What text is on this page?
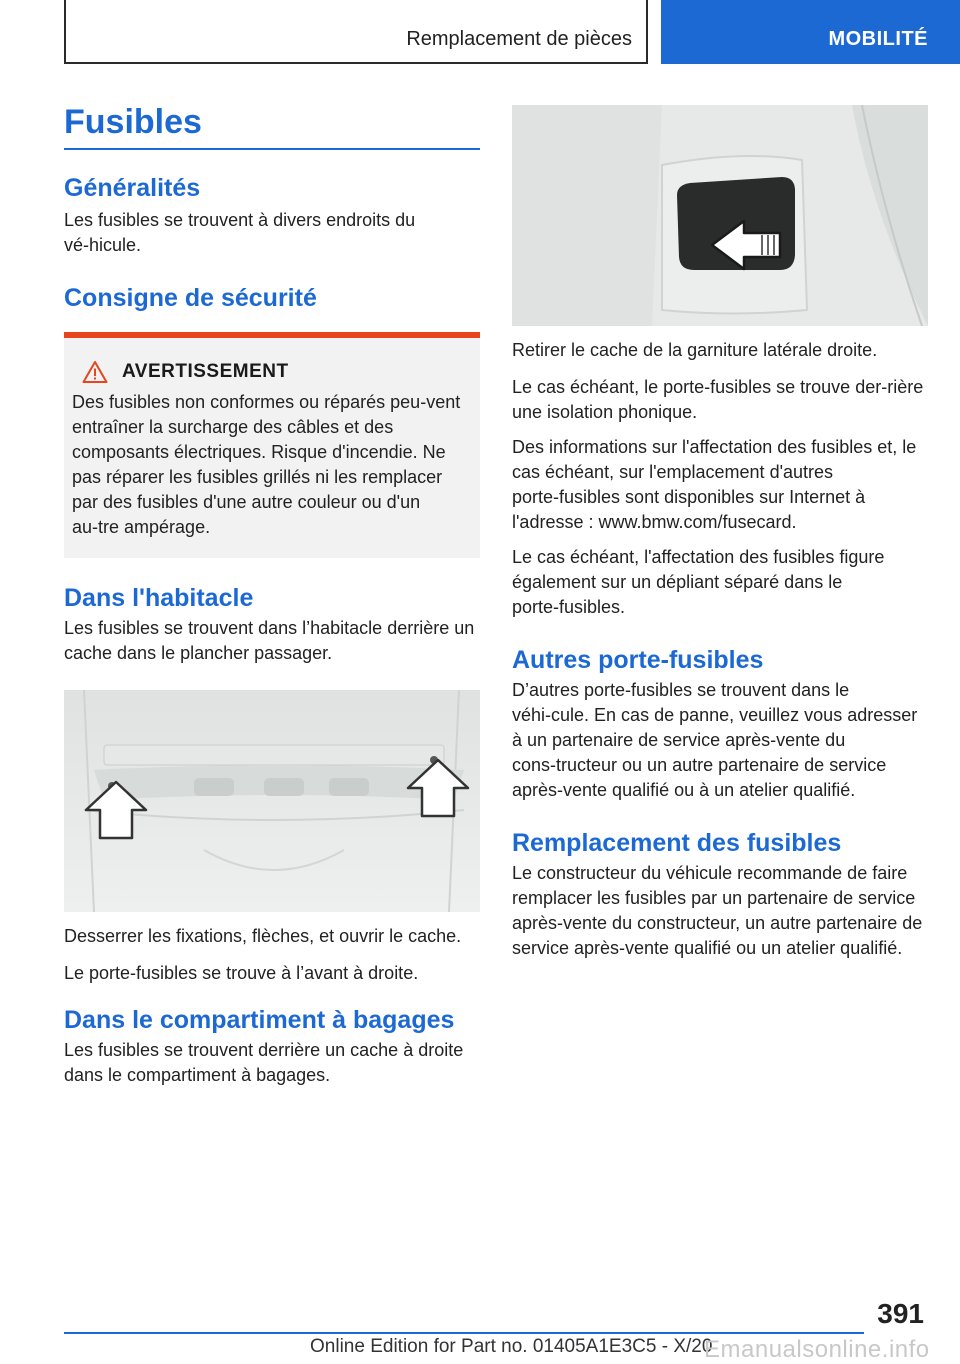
Remplacement de pièces	MOBILITÉ
Fusibles
Généralités

Les fusibles se trouvent à divers endroits du vé‑hicule.

Consigne de sécurité
AVERTISSEMENT

Des fusibles non conformes ou réparés peu‑vent entraîner la surcharge des câbles et des composants électriques. Risque d'incendie. Ne pas réparer les fusibles grillés ni les remplacer par des fusibles d'une autre couleur ou d'un au‑tre ampérage.

Dans l'habitacle

Les fusibles se trouvent dans l’habitacle derrière un cache dans le plancher passager.

Desserrer les fixations, flèches, et ouvrir le cache.

Le porte‑fusibles se trouve à l’avant à droite.

Dans le compartiment à bagages

Les fusibles se trouvent derrière un cache à droite dans le compartiment à bagages.

Retirer le cache de la garniture latérale droite.

Le cas échéant, le porte‑fusibles se trouve der‑rière une isolation phonique.

Des informations sur l'affectation des fusibles et, le cas échéant, sur l'emplacement d'autres porte‑fusibles sont disponibles sur Internet à l'adresse : www.bmw.com/fusecard.

Le cas échéant, l'affectation des fusibles figure également sur un dépliant séparé dans le porte‑fusibles.

Autres porte‑fusibles

D’autres porte‑fusibles se trouvent dans le véhi‑cule. En cas de panne, veuillez vous adresser à un partenaire de service après‑vente du cons‑tructeur ou un autre partenaire de service après‑vente qualifié ou à un atelier qualifié.

Remplacement des fusibles

Le constructeur du véhicule recommande de faire remplacer les fusibles par un partenaire de service après‑vente du constructeur, un autre partenaire de service après‑vente qualifié ou un atelier qualifié.

391
Online Edition for Part no. 01405A1E3C5 - X/20
Emanualsonline.info
